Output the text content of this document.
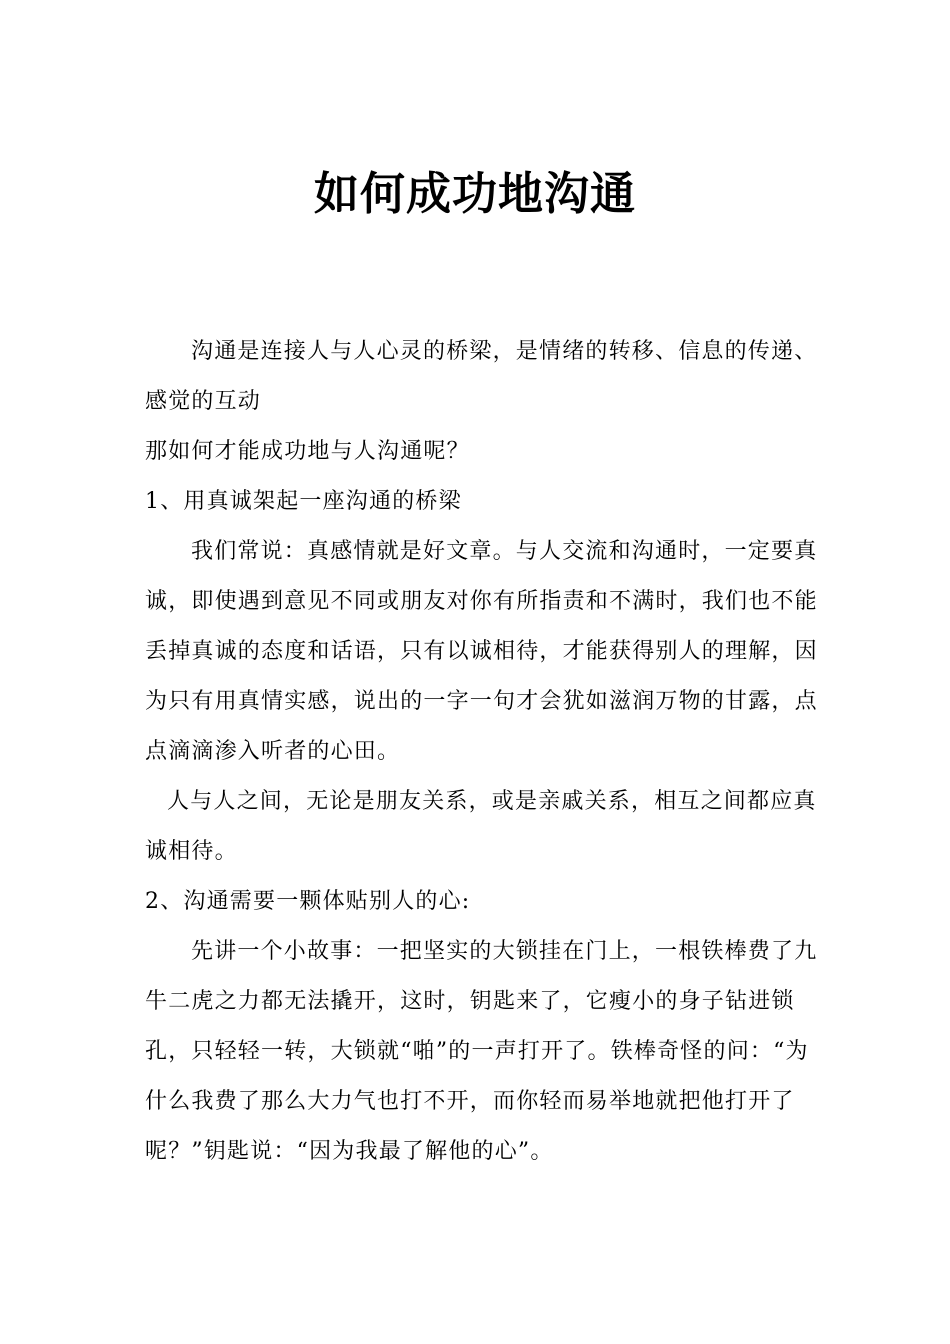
如何成功地沟通

沟通是连接人与人心灵的桥梁，是情绪的转移、信息的传递、感觉的互动

那如何才能成功地与人沟通呢？

1、用真诚架起一座沟通的桥梁

我们常说：真感情就是好文章。与人交流和沟通时，一定要真诚，即使遇到意见不同或朋友对你有所指责和不满时，我们也不能丢掉真诚的态度和话语，只有以诚相待，才能获得别人的理解，因为只有用真情实感，说出的一字一句才会犹如滋润万物的甘露，点点滴滴渗入听者的心田。

人与人之间，无论是朋友关系，或是亲戚关系，相互之间都应真诚相待。

2、沟通需要一颗体贴别人的心:

先讲一个小故事：一把坚实的大锁挂在门上，一根铁棒费了九牛二虎之力都无法撬开，这时，钥匙来了，它瘦小的身子钻进锁孔，只轻轻一转，大锁就“啪”的一声打开了。铁棒奇怪的问：“为什么我费了那么大力气也打不开，而你轻而易举地就把他打开了呢？”钥匙说：“因为我最了解他的心”。
